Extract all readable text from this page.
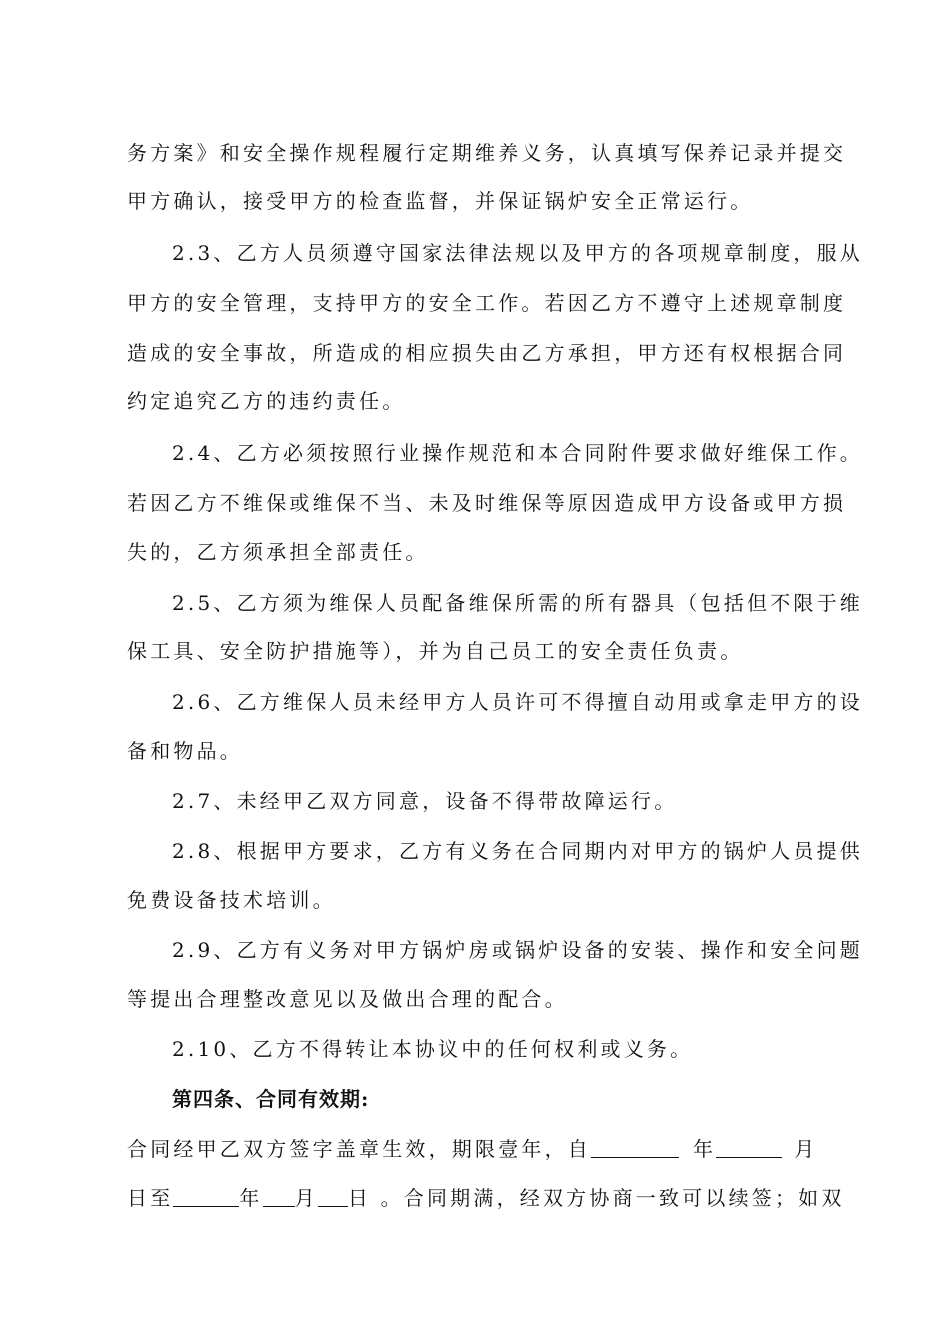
务方案》和安全操作规程履行定期维养义务，认真填写保养记录并提交
甲方确认，接受甲方的检查监督，并保证锅炉安全正常运行。
2.3、乙方人员须遵守国家法律法规以及甲方的各项规章制度，服从
甲方的安全管理，支持甲方的安全工作。若因乙方不遵守上述规章制度
造成的安全事故，所造成的相应损失由乙方承担，甲方还有权根据合同
约定追究乙方的违约责任。
2.4、乙方必须按照行业操作规范和本合同附件要求做好维保工作。
若因乙方不维保或维保不当、未及时维保等原因造成甲方设备或甲方损
失的，乙方须承担全部责任。
2.5、乙方须为维保人员配备维保所需的所有器具（包括但不限于维
保工具、安全防护措施等），并为自己员工的安全责任负责。
2.6、乙方维保人员未经甲方人员许可不得擅自动用或拿走甲方的设
备和物品。
2.7、未经甲乙双方同意，设备不得带故障运行。
2.8、根据甲方要求，乙方有义务在合同期内对甲方的锅炉人员提供
免费设备技术培训。
2.9、乙方有义务对甲方锅炉房或锅炉设备的安装、操作和安全问题
等提出合理整改意见以及做出合理的配合。
2.10、乙方不得转让本协议中的任何权利或义务。
第四条、合同有效期:
合同经甲乙双方签字盖章生效，期限壹年，自	年	月
日至	年 月 日 。合同期满，经双方协商一致可以续签；如双
